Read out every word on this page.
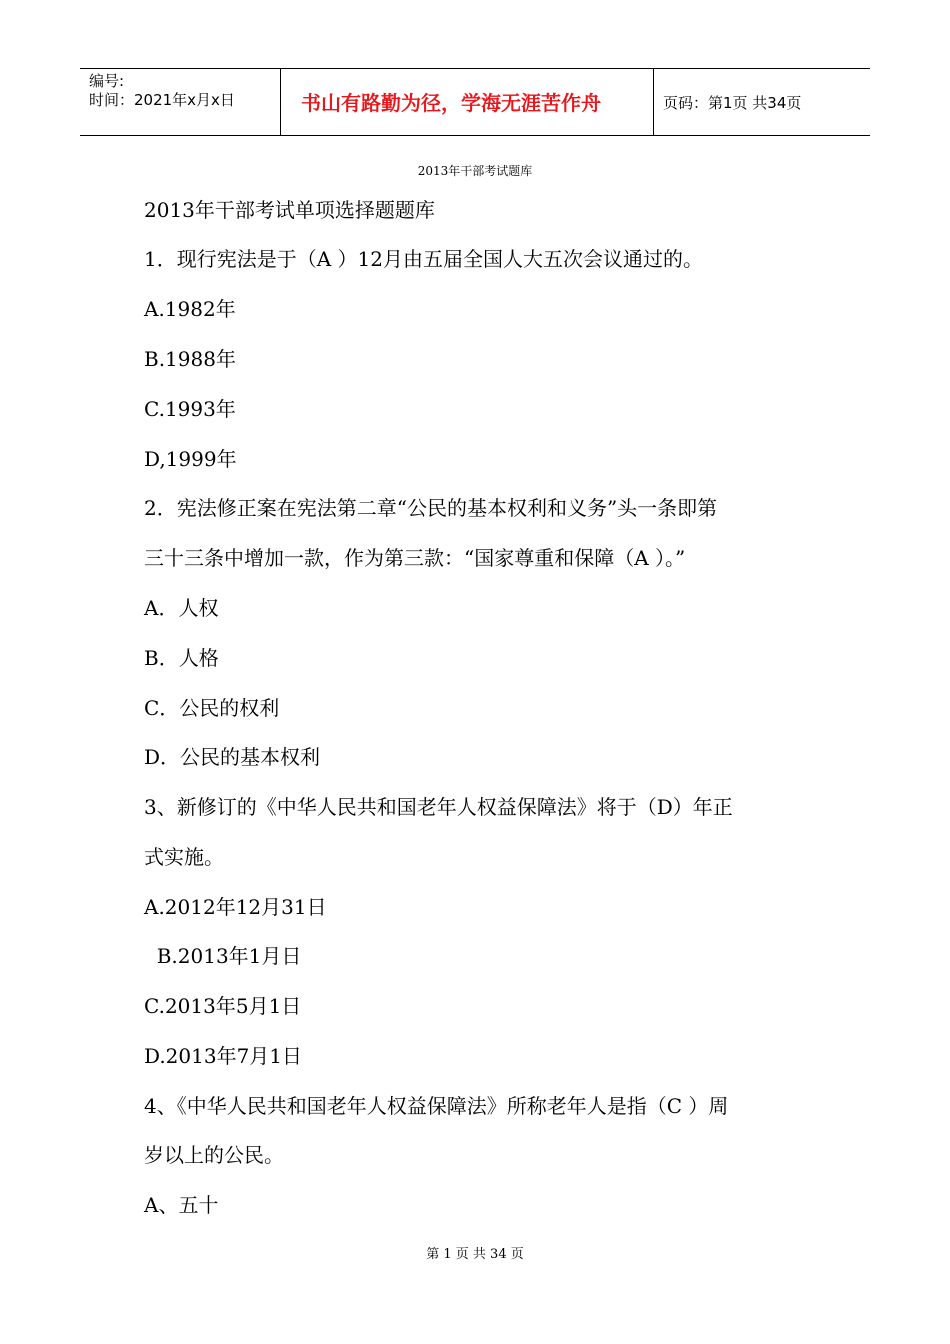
编号:
时间：2021年x月x日	书山有路勤为径，学海无涯苦作舟	页码：第1页 共34页
2013年干部考试题库
2013年干部考试单项选择题题库
1．现行宪法是于（A ）12月由五届全国人大五次会议通过的。
A.1982年
B.1988年
C.1993年
D,1999年
2．宪法修正案在宪法第二章“公民的基本权利和义务”头一条即第
三十三条中增加一款，作为第三款：“国家尊重和保障（A ）。”
A．人权
B．人格
C．公民的权利
D．公民的基本权利
3、新修订的《中华人民共和国老年人权益保障法》将于（D）年正
式实施。
A.2012年12月31日
B.2013年1月日
C.2013年5月1日
D.2013年7月1日
4、《中华人民共和国老年人权益保障法》所称老年人是指（C ）周
岁以上的公民。
A、五十
第 1 页 共 34 页
